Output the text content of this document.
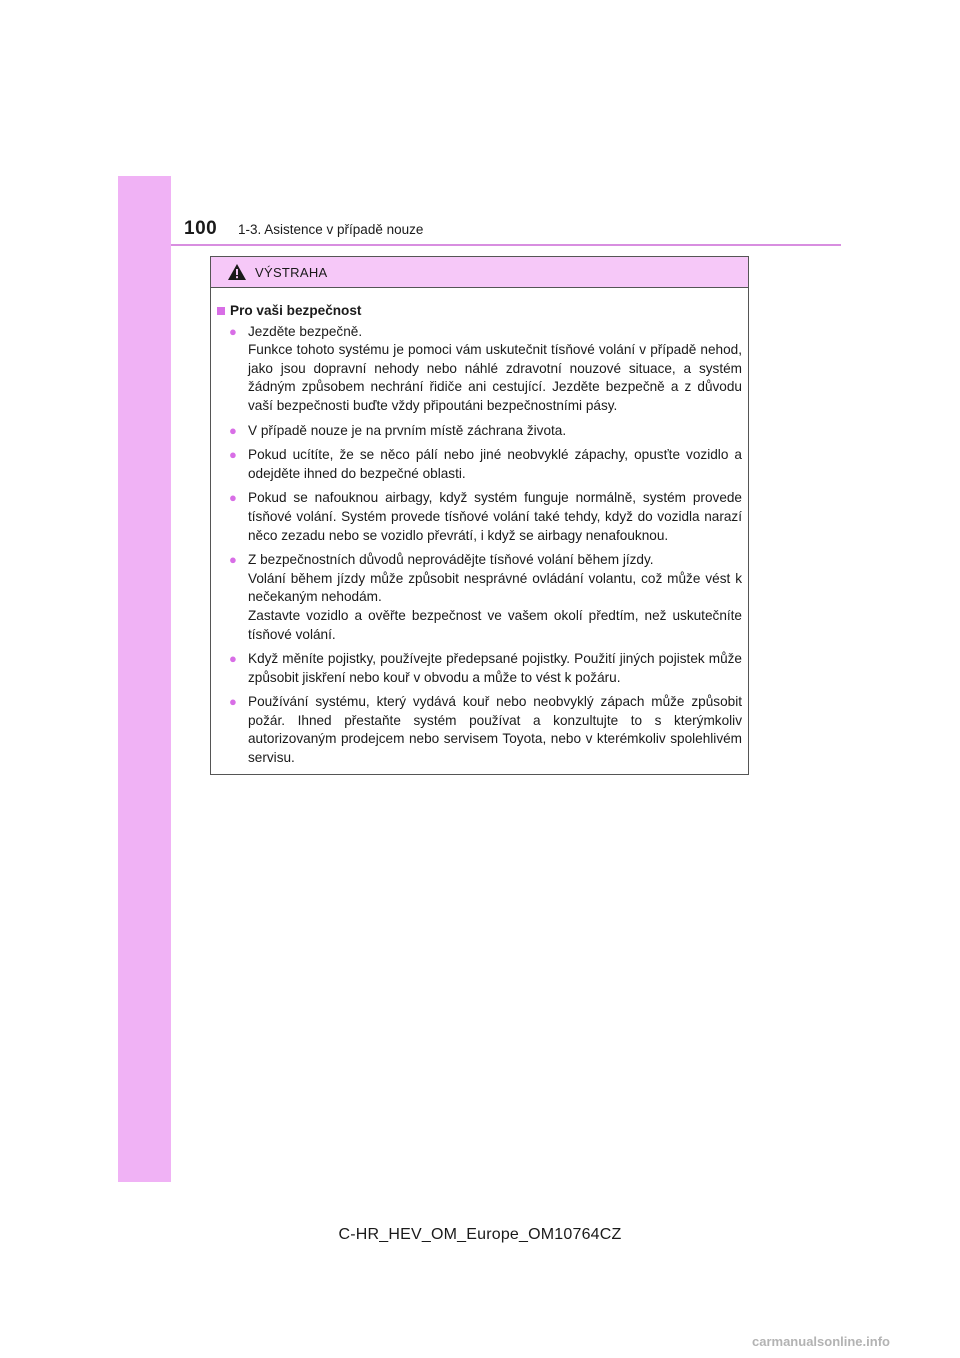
100 1-3. Asistence v případě nouze
VÝSTRAHA
Pro vaši bezpečnost
● Jezděte bezpečně.

Funkce tohoto systému je pomoci vám uskutečnit tísňové volání v případě nehod, jako jsou dopravní nehody nebo náhlé zdravotní nouzové situace, a systém žádným způsobem nechrání řidiče ani cestující. Jezděte bezpečně a z důvodu vaší bezpečnosti buďte vždy připoutáni bezpečnostními pásy.

● V případě nouze je na prvním místě záchrana života.

● Pokud ucítíte, že se něco pálí nebo jiné neobvyklé zápachy, opusťte vozidlo a odejděte ihned do bezpečné oblasti.

● Pokud se nafouknou airbagy, když systém funguje normálně, systém provede tísňové volání. Systém provede tísňové volání také tehdy, když do vozidla narazí něco zezadu nebo se vozidlo převrátí, i když se airbagy nenafouknou.

● Z bezpečnostních důvodů neprovádějte tísňové volání během jízdy.

Volání během jízdy může způsobit nesprávné ovládání volantu, což může vést k nečekaným nehodám.

Zastavte vozidlo a ověřte bezpečnost ve vašem okolí předtím, než uskutečníte tísňové volání.

● Když měníte pojistky, používejte předepsané pojistky. Použití jiných pojistek může způsobit jiskření nebo kouř v obvodu a může to vést k požáru.

● Používání systému, který vydává kouř nebo neobvyklý zápach může způsobit požár. Ihned přestaňte systém používat a konzultujte to s kterýmkoliv autorizovaným prodejcem nebo servisem Toyota, nebo v kterémkoliv spolehlivém servisu.

C-HR_HEV_OM_Europe_OM10764CZ
carmanualsonline.info
